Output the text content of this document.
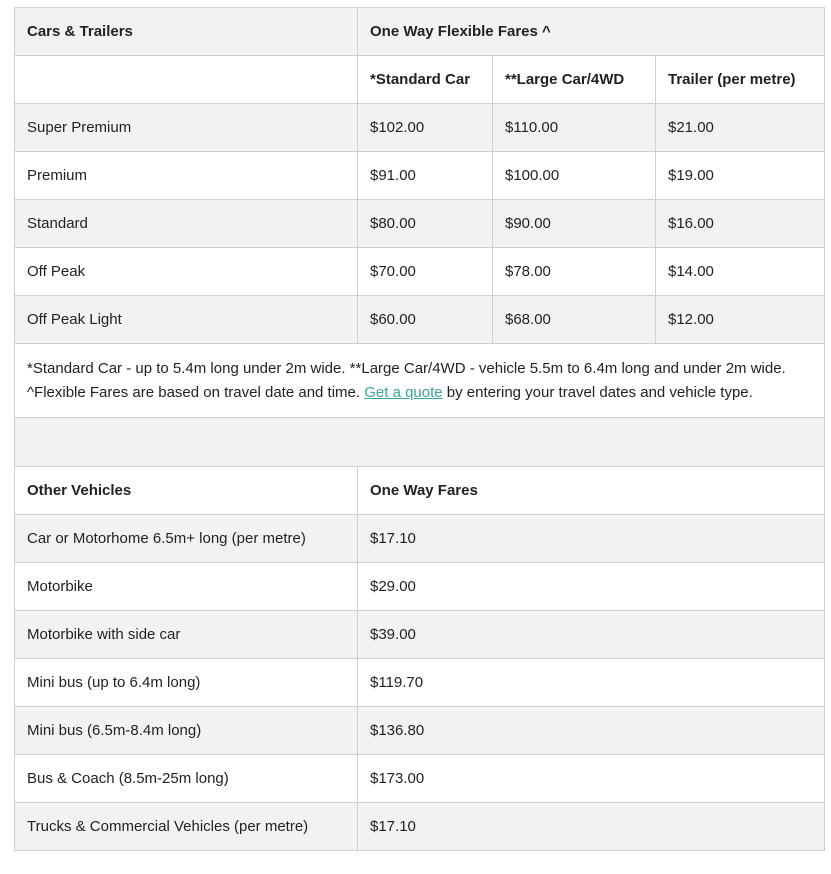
Cars & Trailers	One Way Flexible Fares ^		
	*Standard Car	**Large Car/4WD	Trailer (per metre)
Super Premium	$102.00	$110.00	$21.00
Premium	$91.00	$100.00	$19.00
Standard	$80.00	$90.00	$16.00
Off Peak	$70.00	$78.00	$14.00
Off Peak Light	$60.00	$68.00	$12.00
*Standard Car - up to 5.4m long under 2m wide. **Large Car/4WD - vehicle 5.5m to 6.4m long and under 2m wide.
^Flexible Fares are based on travel date and time. Get a quote by entering your travel dates and vehicle type.			

Other Vehicles	One Way Fares		
Car or Motorhome 6.5m+ long (per metre)	$17.10		
Motorbike	$29.00		
Motorbike with side car	$39.00		
Mini bus (up to 6.4m long)	$119.70		
Mini bus (6.5m-8.4m long)	$136.80		
Bus & Coach (8.5m-25m long)	$173.00		
Trucks & Commercial Vehicles (per metre)	$17.10		
